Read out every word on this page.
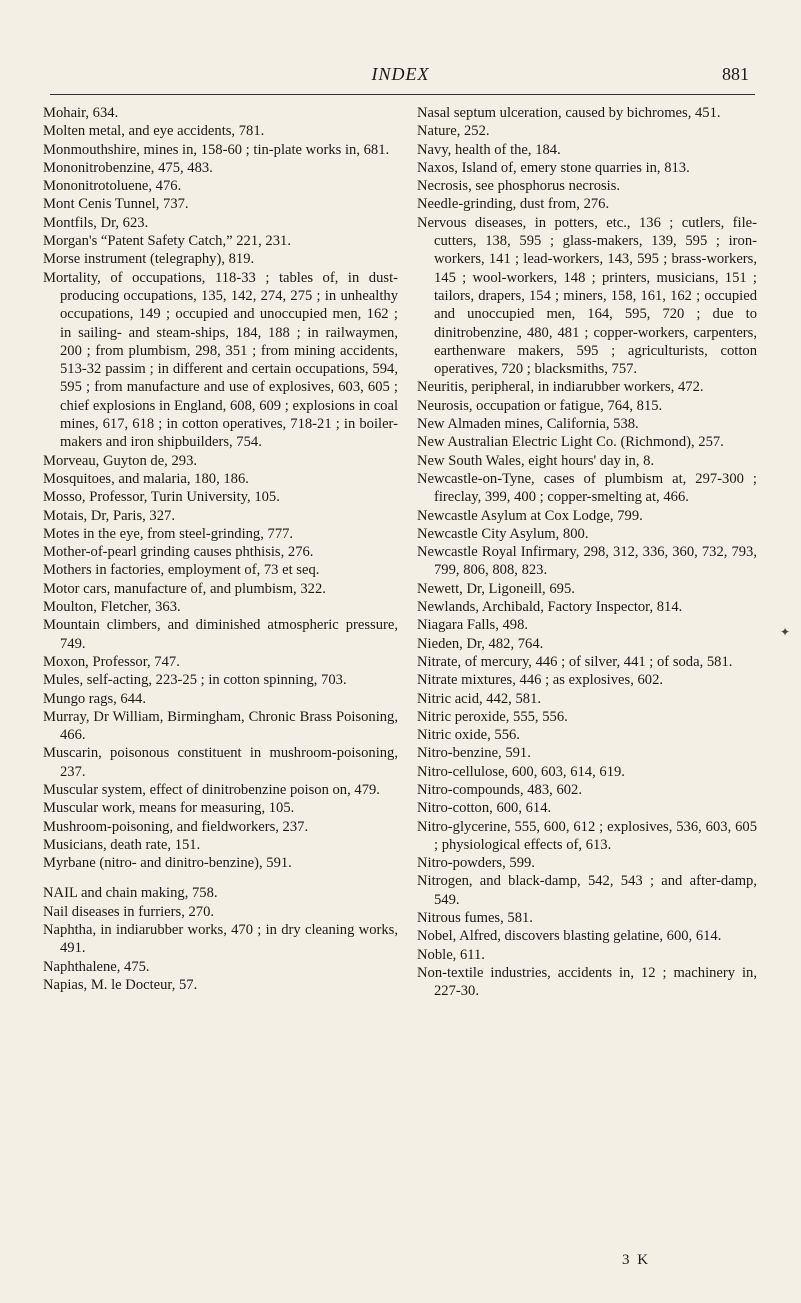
INDEX	881
Mohair, 634.
Molten metal, and eye accidents, 781.
Monmouthshire, mines in, 158-60 ; tin-plate works in, 681.
Mononitrobenzine, 475, 483.
Mononitrotoluene, 476.
Mont Cenis Tunnel, 737.
Montfils, Dr, 623.
Morgan's “Patent Safety Catch,” 221, 231.
Morse instrument (telegraphy), 819.
Mortality, of occupations, 118-33 ; tables of, in dust-producing occupations, 135, 142, 274, 275 ; in unhealthy occupations, 149 ; occupied and unoccupied men, 162 ; in sailing- and steam-ships, 184, 188 ; in railwaymen, 200 ; from plumbism, 298, 351 ; from mining accidents, 513-32 passim ; in different and certain occupations, 594, 595 ; from manufacture and use of explosives, 603, 605 ; chief explosions in England, 608, 609 ; explosions in coal mines, 617, 618 ; in cotton operatives, 718-21 ; in boiler-makers and iron shipbuilders, 754.
Morveau, Guyton de, 293.
Mosquitoes, and malaria, 180, 186.
Mosso, Professor, Turin University, 105.
Motais, Dr, Paris, 327.
Motes in the eye, from steel-grinding, 777.
Mother-of-pearl grinding causes phthisis, 276.
Mothers in factories, employment of, 73 et seq.
Motor cars, manufacture of, and plumbism, 322.
Moulton, Fletcher, 363.
Mountain climbers, and diminished atmospheric pressure, 749.
Moxon, Professor, 747.
Mules, self-acting, 223-25 ; in cotton spinning, 703.
Mungo rags, 644.
Murray, Dr William, Birmingham, Chronic Brass Poisoning, 466.
Muscarin, poisonous constituent in mushroom-poisoning, 237.
Muscular system, effect of dinitrobenzine poison on, 479.
Muscular work, means for measuring, 105.
Mushroom-poisoning, and fieldworkers, 237.
Musicians, death rate, 151.
Myrbane (nitro- and dinitro-benzine), 591.
NAIL and chain making, 758.
Nail diseases in furriers, 270.
Naphtha, in indiarubber works, 470 ; in dry cleaning works, 491.
Naphthalene, 475.
Napias, M. le Docteur, 57.
Nasal septum ulceration, caused by bichromes, 451.
Nature, 252.
Navy, health of the, 184.
Naxos, Island of, emery stone quarries in, 813.
Necrosis, see phosphorus necrosis.
Needle-grinding, dust from, 276.
Nervous diseases, in potters, etc., 136 ; cutlers, file-cutters, 138, 595 ; glass-makers, 139, 595 ; iron-workers, 141 ; lead-workers, 143, 595 ; brass-workers, 145 ; wool-workers, 148 ; printers, musicians, 151 ; tailors, drapers, 154 ; miners, 158, 161, 162 ; occupied and unoccupied men, 164, 595, 720 ; due to dinitrobenzine, 480, 481 ; copper-workers, carpenters, earthenware makers, 595 ; agriculturists, cotton operatives, 720 ; blacksmiths, 757.
Neuritis, peripheral, in indiarubber workers, 472.
Neurosis, occupation or fatigue, 764, 815.
New Almaden mines, California, 538.
New Australian Electric Light Co. (Richmond), 257.
New South Wales, eight hours' day in, 8.
Newcastle-on-Tyne, cases of plumbism at, 297-300 ; fireclay, 399, 400 ; copper-smelting at, 466.
Newcastle Asylum at Cox Lodge, 799.
Newcastle City Asylum, 800.
Newcastle Royal Infirmary, 298, 312, 336, 360, 732, 793, 799, 806, 808, 823.
Newett, Dr, Ligoneill, 695.
Newlands, Archibald, Factory Inspector, 814.
Niagara Falls, 498.
Nieden, Dr, 482, 764.
Nitrate, of mercury, 446 ; of silver, 441 ; of soda, 581.
Nitrate mixtures, 446 ; as explosives, 602.
Nitric acid, 442, 581.
Nitric peroxide, 555, 556.
Nitric oxide, 556.
Nitro-benzine, 591.
Nitro-cellulose, 600, 603, 614, 619.
Nitro-compounds, 483, 602.
Nitro-cotton, 600, 614.
Nitro-glycerine, 555, 600, 612 ; explosives, 536, 603, 605 ; physiological effects of, 613.
Nitro-powders, 599.
Nitrogen, and black-damp, 542, 543 ; and after-damp, 549.
Nitrous fumes, 581.
Nobel, Alfred, discovers blasting gelatine, 600, 614.
Noble, 611.
Non-textile industries, accidents in, 12 ; machinery in, 227-30.
✦
3 K
